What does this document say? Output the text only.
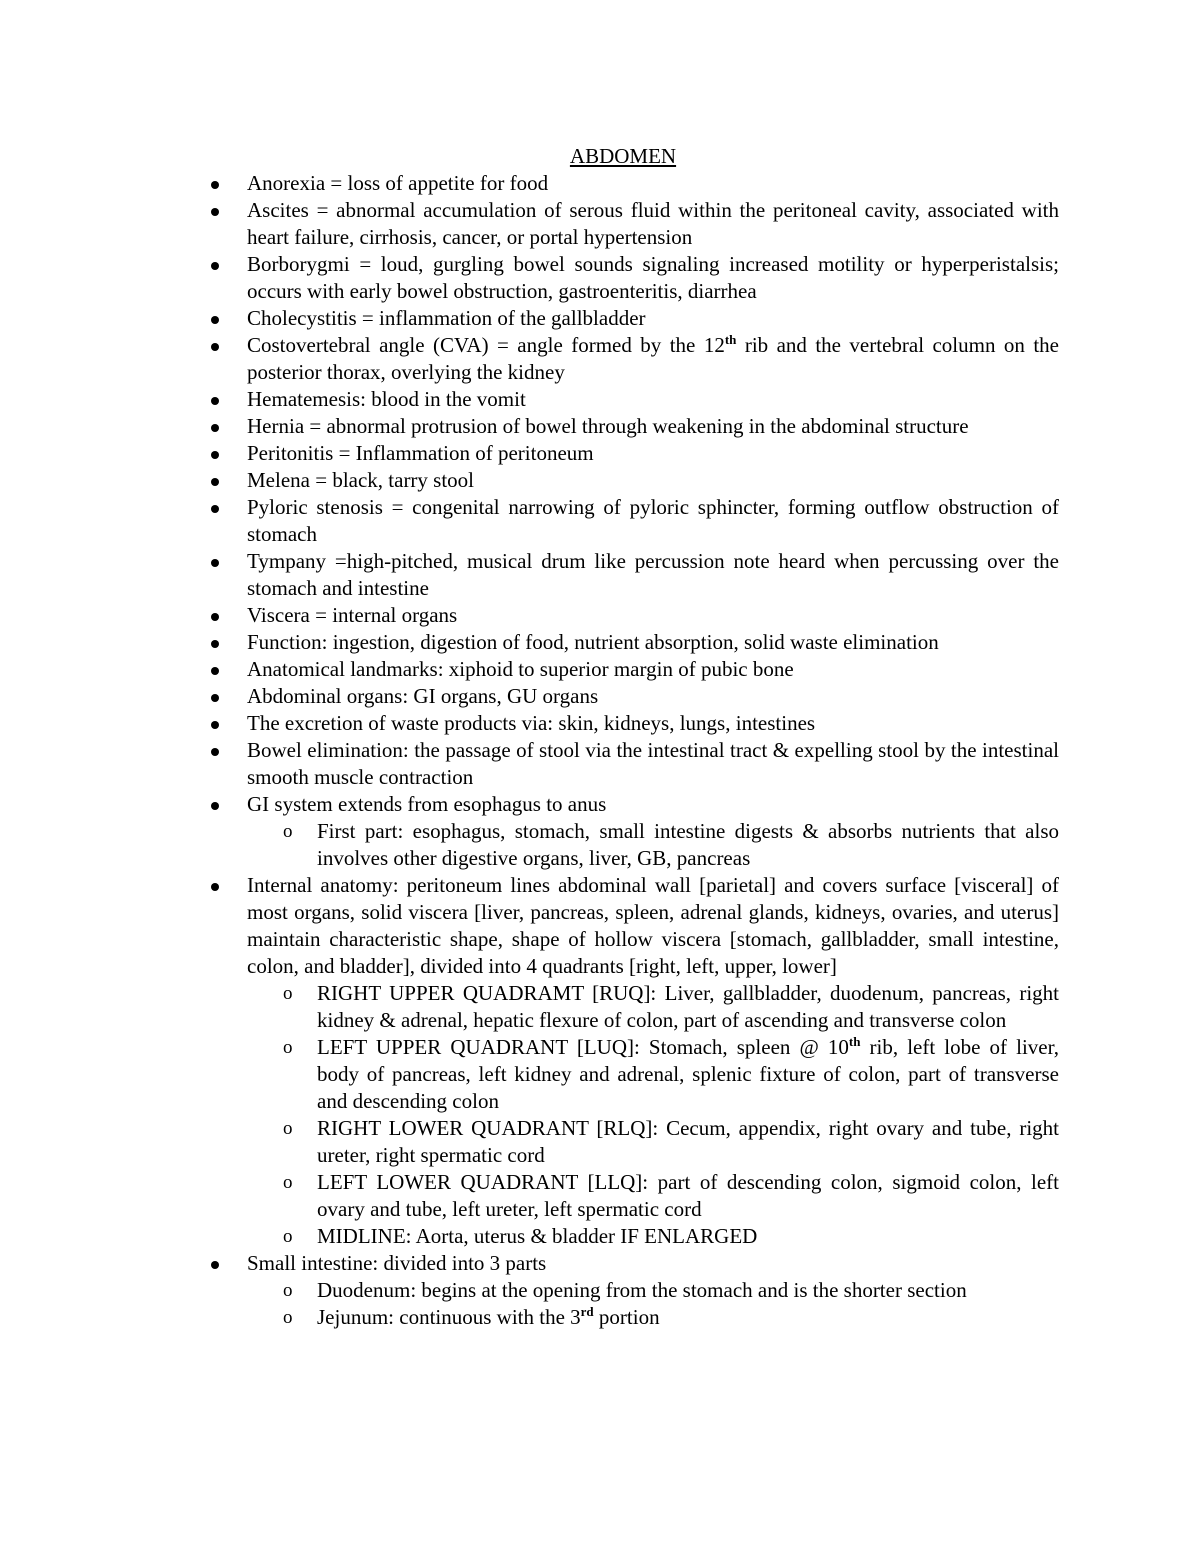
ABDOMEN
Anorexia = loss of appetite for food
Ascites = abnormal accumulation of serous fluid within the peritoneal cavity, associated with heart failure, cirrhosis, cancer, or portal hypertension
Borborygmi = loud, gurgling bowel sounds signaling increased motility or hyperperistalsis; occurs with early bowel obstruction, gastroenteritis, diarrhea
Cholecystitis = inflammation of the gallbladder
Costovertebral angle (CVA) = angle formed by the 12th rib and the vertebral column on the posterior thorax, overlying the kidney
Hematemesis: blood in the vomit
Hernia = abnormal protrusion of bowel through weakening in the abdominal structure
Peritonitis = Inflammation of peritoneum
Melena = black, tarry stool
Pyloric stenosis = congenital narrowing of pyloric sphincter, forming outflow obstruction of stomach
Tympany =high-pitched, musical drum like percussion note heard when percussing over the stomach and intestine
Viscera = internal organs
Function: ingestion, digestion of food, nutrient absorption, solid waste elimination
Anatomical landmarks: xiphoid to superior margin of pubic bone
Abdominal organs: GI organs, GU organs
The excretion of waste products via: skin, kidneys, lungs, intestines
Bowel elimination: the passage of stool via the intestinal tract & expelling stool by the intestinal smooth muscle contraction
GI system extends from esophagus to anus
o First part: esophagus, stomach, small intestine digests & absorbs nutrients that also involves other digestive organs, liver, GB, pancreas
Internal anatomy: peritoneum lines abdominal wall [parietal] and covers surface [visceral] of most organs, solid viscera [liver, pancreas, spleen, adrenal glands, kidneys, ovaries, and uterus] maintain characteristic shape, shape of hollow viscera [stomach, gallbladder, small intestine, colon, and bladder], divided into 4 quadrants [right, left, upper, lower]
o RIGHT UPPER QUADRAMT [RUQ]: Liver, gallbladder, duodenum, pancreas, right kidney & adrenal, hepatic flexure of colon, part of ascending and transverse colon
o LEFT UPPER QUADRANT [LUQ]: Stomach, spleen @ 10th rib, left lobe of liver, body of pancreas, left kidney and adrenal, splenic fixture of colon, part of transverse and descending colon
o RIGHT LOWER QUADRANT [RLQ]: Cecum, appendix, right ovary and tube, right ureter, right spermatic cord
o LEFT LOWER QUADRANT [LLQ]: part of descending colon, sigmoid colon, left ovary and tube, left ureter, left spermatic cord
o MIDLINE: Aorta, uterus & bladder IF ENLARGED
Small intestine: divided into 3 parts
o Duodenum: begins at the opening from the stomach and is the shorter section
o Jejunum: continuous with the 3rd portion
